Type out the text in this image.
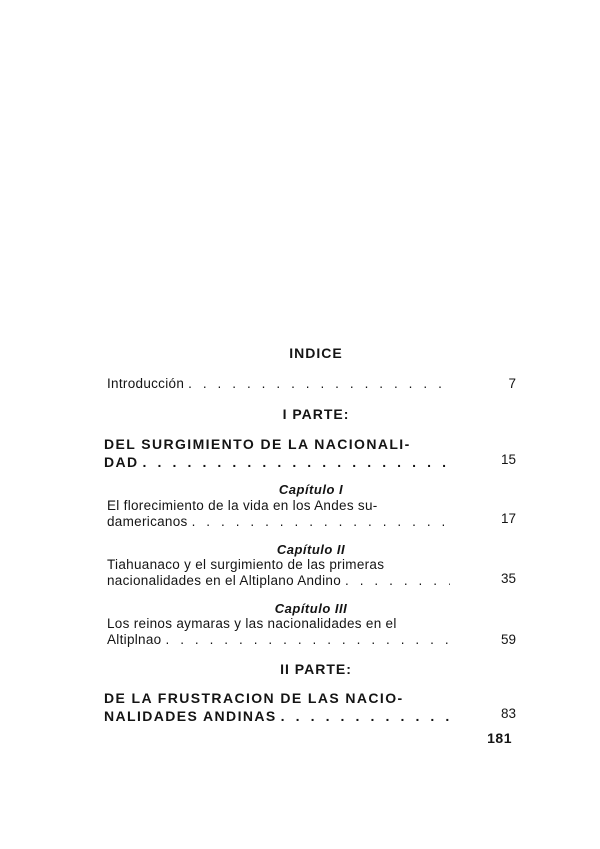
INDICE
Introducción . . .	7
I PARTE:
DEL SURGIMIENTO DE LA NACIONALI-
DAD . . .	15
Capítulo I
El florecimiento de la vida en los Andes su-
damericanos . . .	17
Capítulo II
Tiahuanaco y el surgimiento de las primeras
nacionalidades en el Altiplano Andino . . .	35
Capítulo III
Los reinos aymaras y las nacionalidades en el
Altiplnao . . .	59
II PARTE:
DE LA FRUSTRACION DE LAS NACIO-
NALIDADES ANDINAS . . .	83
181
